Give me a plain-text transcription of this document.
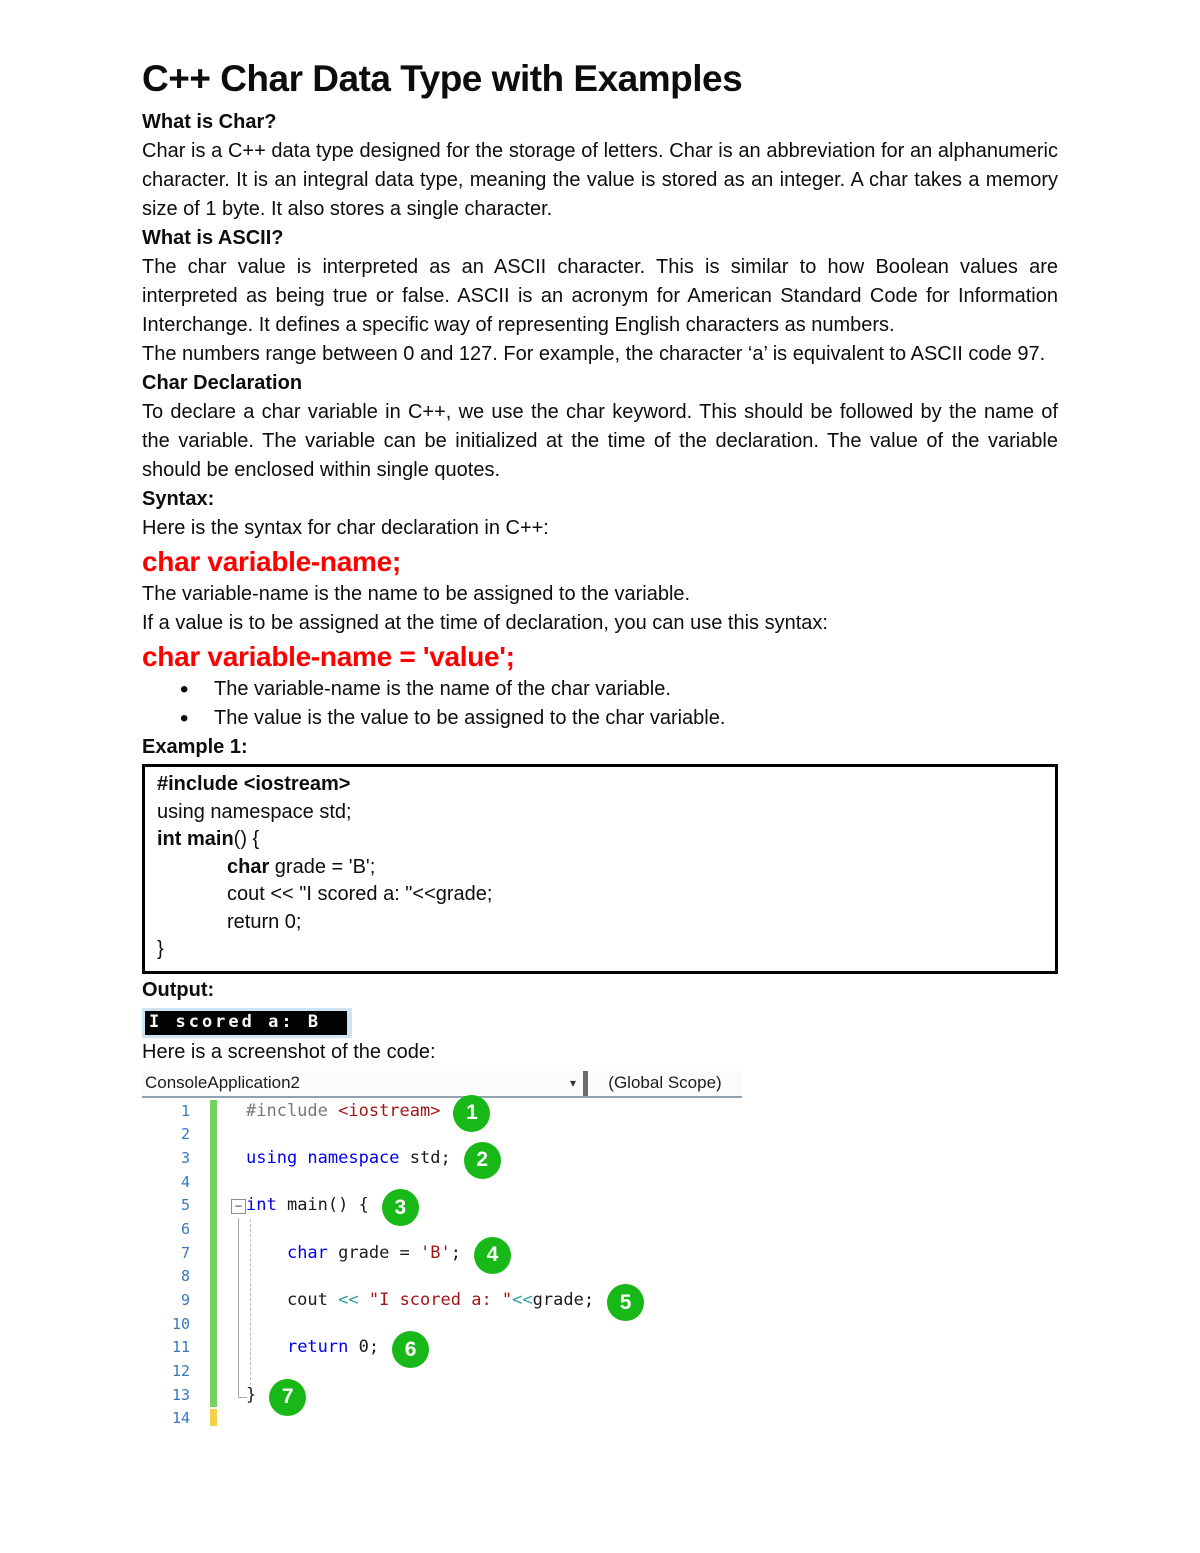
C++ Char Data Type with Examples
What is Char?
Char is a C++ data type designed for the storage of letters. Char is an abbreviation for an alphanumeric character. It is an integral data type, meaning the value is stored as an integer. A char takes a memory size of 1 byte. It also stores a single character.
What is ASCII?
The char value is interpreted as an ASCII character. This is similar to how Boolean values are interpreted as being true or false. ASCII is an acronym for American Standard Code for Information Interchange. It defines a specific way of representing English characters as numbers.
The numbers range between 0 and 127. For example, the character ‘a’ is equivalent to ASCII code 97.
Char Declaration
To declare a char variable in C++, we use the char keyword. This should be followed by the name of the variable. The variable can be initialized at the time of the declaration. The value of the variable should be enclosed within single quotes.
Syntax:
Here is the syntax for char declaration in C++:
char variable-name;
The variable-name is the name to be assigned to the variable.
If a value is to be assigned at the time of declaration, you can use this syntax:
char variable-name = 'value';
• The variable-name is the name of the char variable.
• The value is the value to be assigned to the char variable.
Example 1:
#include <iostream>
using namespace std;
int main() {
char grade = 'B';
cout << "I scored a: "<<grade;
return 0;
}
Output:
I scored a: B
Here is a screenshot of the code:
ConsoleApplication2	▾	(Global Scope)
1	#include <iostream>	1
2
3	using namespace std;	2
4
5	− int main() {	3
6
7	char grade = 'B';	4
8
9	cout << "I scored a: "<<grade;	5
10
11	return 0;	6
12
13	}	7
14
